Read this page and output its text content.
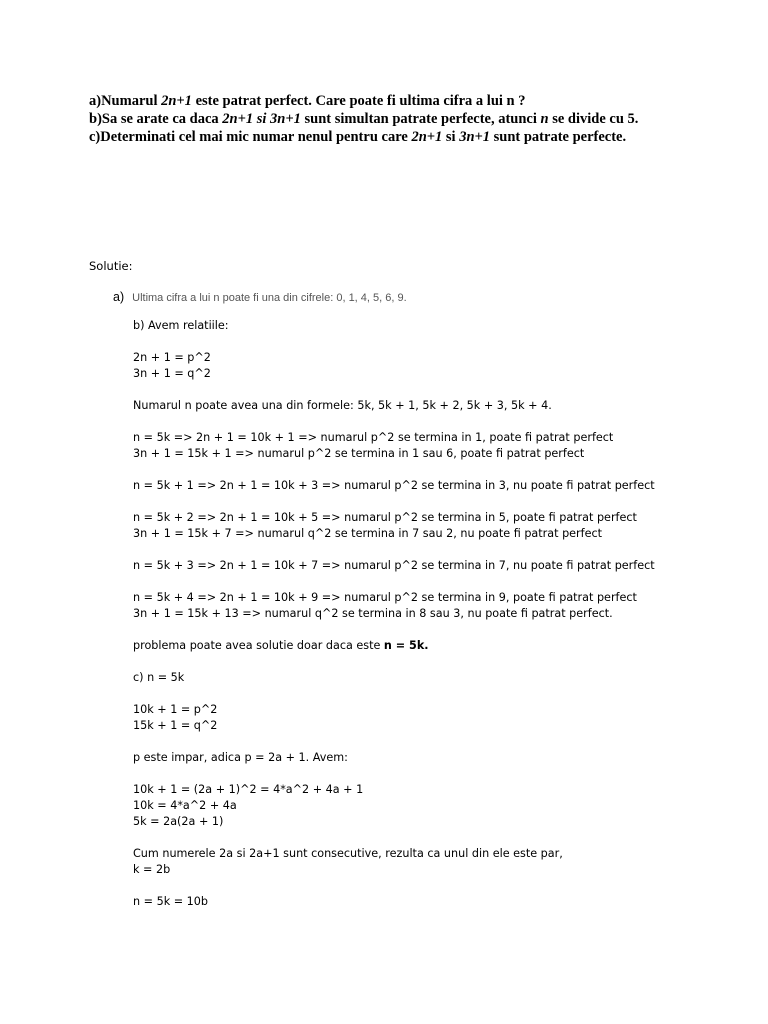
a)Numarul 2n+1 este patrat perfect. Care poate fi ultima cifra a lui n ?

b)Sa se arate ca daca 2n+1 si 3n+1 sunt simultan patrate perfecte, atunci n se divide cu 5.

c)Determinati cel mai mic numar nenul pentru care 2n+1 si 3n+1 sunt patrate perfecte.

Solutie:
a) Ultima cifra a lui n poate fi una din cifrele: 0, 1, 4, 5, 6, 9.
b) Avem relatiile:
2n + 1 = p^2
3n + 1 = q^2
Numarul n poate avea una din formele: 5k, 5k + 1, 5k + 2, 5k + 3, 5k + 4.
n = 5k => 2n + 1 = 10k + 1 => numarul p^2 se termina in 1, poate fi patrat perfect
3n + 1 = 15k + 1 => numarul p^2 se termina in 1 sau 6, poate fi patrat perfect
n = 5k + 1 => 2n + 1 = 10k + 3 => numarul p^2 se termina in 3, nu poate fi patrat perfect
n = 5k + 2 => 2n + 1 = 10k + 5 => numarul p^2 se termina in 5, poate fi patrat perfect
3n + 1 = 15k + 7 => numarul q^2 se termina in 7 sau 2, nu poate fi patrat perfect
n = 5k + 3 => 2n + 1 = 10k + 7 => numarul p^2 se termina in 7, nu poate fi patrat perfect
n = 5k + 4 => 2n + 1 = 10k + 9 => numarul p^2 se termina in 9, poate fi patrat perfect
3n + 1 = 15k + 13 => numarul q^2 se termina in 8 sau 3, nu poate fi patrat perfect.
problema poate avea solutie doar daca este n = 5k.
c) n = 5k
10k + 1 = p^2
15k + 1 = q^2
p este impar, adica p = 2a + 1. Avem:
10k + 1 = (2a + 1)^2 = 4*a^2 + 4a + 1
10k = 4*a^2 + 4a
5k = 2a(2a + 1)
Cum numerele 2a si 2a+1 sunt consecutive, rezulta ca unul din ele este par,
k = 2b
n = 5k = 10b
